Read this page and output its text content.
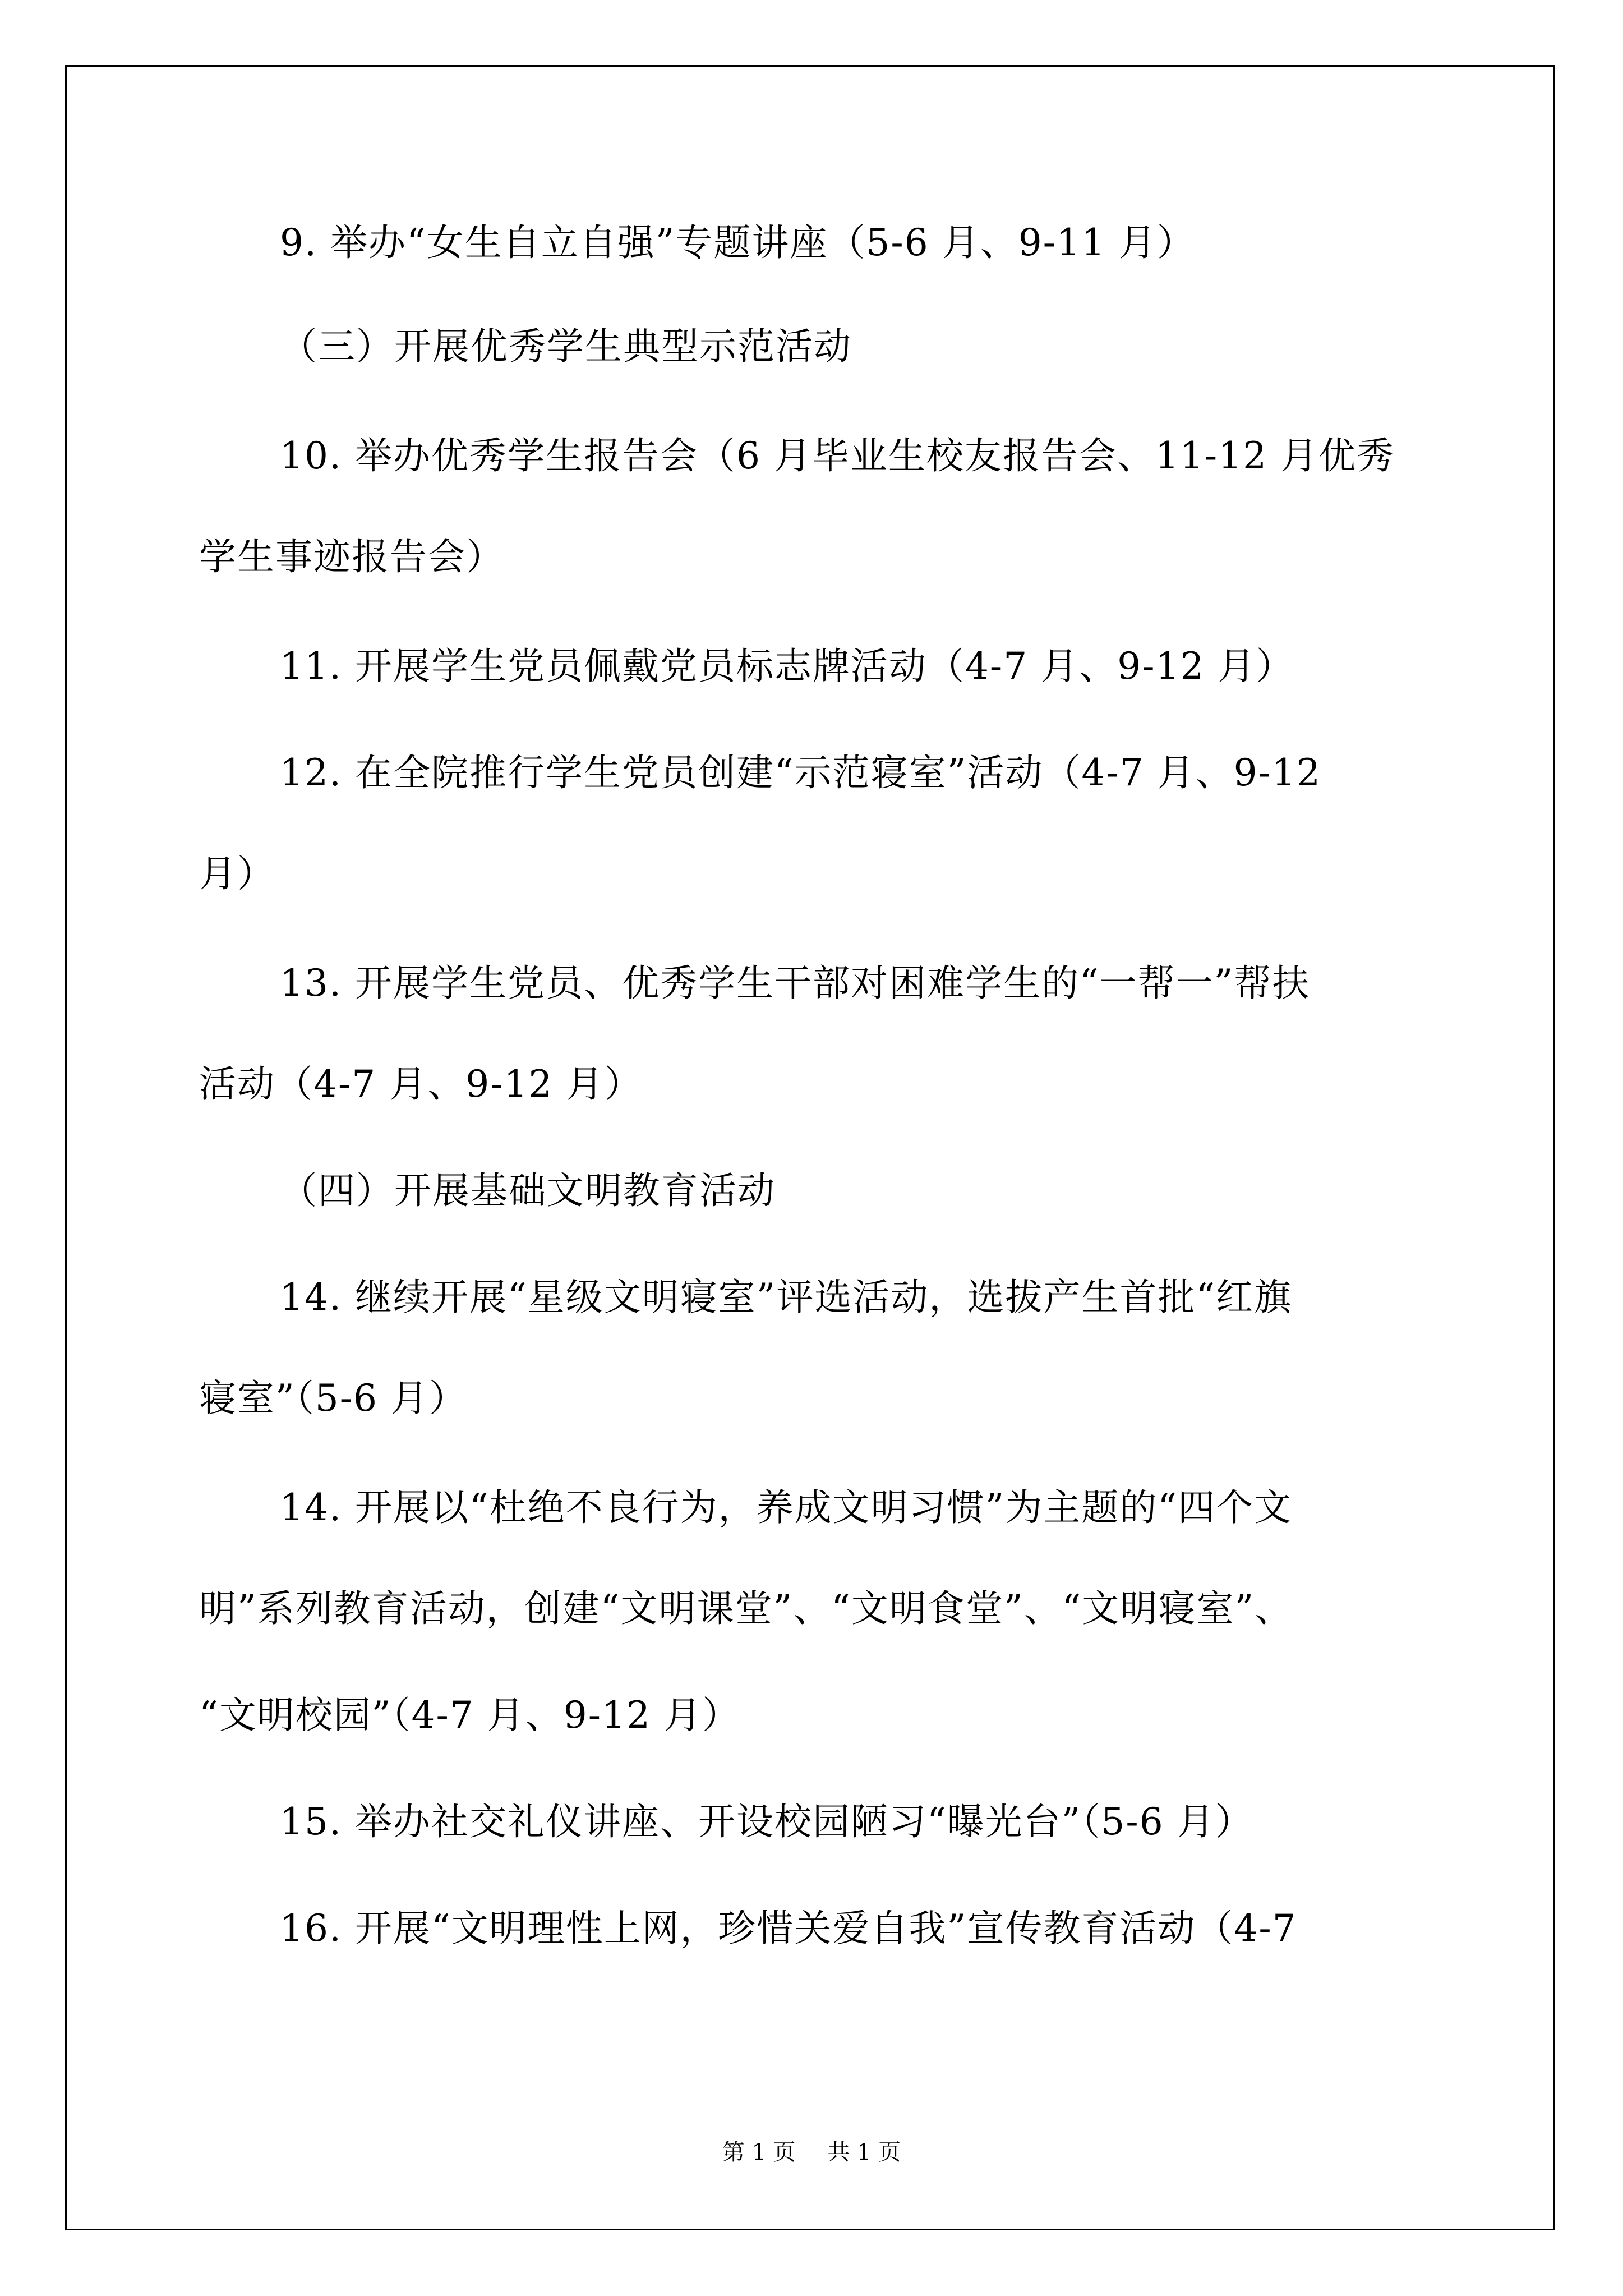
9. 举办“女生自立自强”专题讲座（5-6 月、9-11 月）
（三）开展优秀学生典型示范活动
10. 举办优秀学生报告会（6 月毕业生校友报告会、11-12 月优秀
学生事迹报告会）
11. 开展学生党员佩戴党员标志牌活动（4-7 月、9-12 月）
12. 在全院推行学生党员创建“示范寝室”活动（4-7 月、9-12
月）
13. 开展学生党员、优秀学生干部对困难学生的“一帮一”帮扶
活动（4-7 月、9-12 月）
（四）开展基础文明教育活动
14. 继续开展“星级文明寝室”评选活动，选拔产生首批“红旗
寝室”（5-6 月）
14. 开展以“杜绝不良行为，养成文明习惯”为主题的“四个文
明”系列教育活动，创建“文明课堂”、“文明食堂”、“文明寝室”、
“文明校园”（4-7 月、9-12 月）
15. 举办社交礼仪讲座、开设校园陋习“曝光台”（5-6 月）
16. 开展“文明理性上网，珍惜关爱自我”宣传教育活动（4-7
第 1 页 共 1 页
